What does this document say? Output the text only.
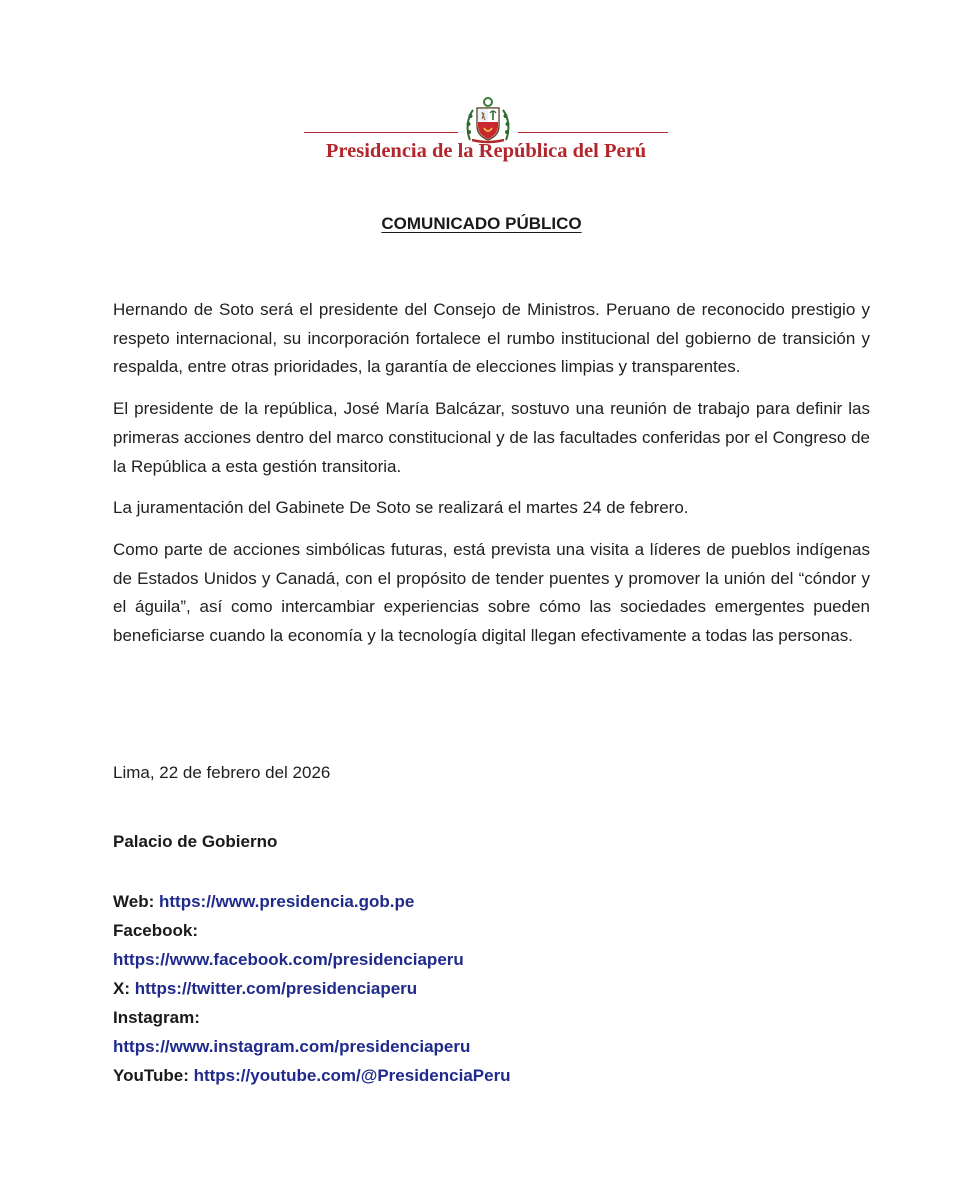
Presidencia de la República del Perú
COMUNICADO PÚBLICO

Hernando de Soto será el presidente del Consejo de Ministros. Peruano de reconocido prestigio y respeto internacional, su incorporación fortalece el rumbo institucional del gobierno de transición y respalda, entre otras prioridades, la garantía de elecciones limpias y transparentes.

El presidente de la república, José María Balcázar, sostuvo una reunión de trabajo para definir las primeras acciones dentro del marco constitucional y de las facultades conferidas por el Congreso de la República a esta gestión transitoria.

La juramentación del Gabinete De Soto se realizará el martes 24 de febrero.

Como parte de acciones simbólicas futuras, está prevista una visita a líderes de pueblos indígenas de Estados Unidos y Canadá, con el propósito de tender puentes y promover la unión del “cóndor y el águila”, así como intercambiar experiencias sobre cómo las sociedades emergentes pueden beneficiarse cuando la economía y la tecnología digital llegan efectivamente a todas las personas.

Lima, 22 de febrero del 2026
Palacio de Gobierno
Web: https://www.presidencia.gob.pe
Facebook:
https://www.facebook.com/presidenciaperu
X: https://twitter.com/presidenciaperu
Instagram:
https://www.instagram.com/presidenciaperu
YouTube: https://youtube.com/@PresidenciaPeru
